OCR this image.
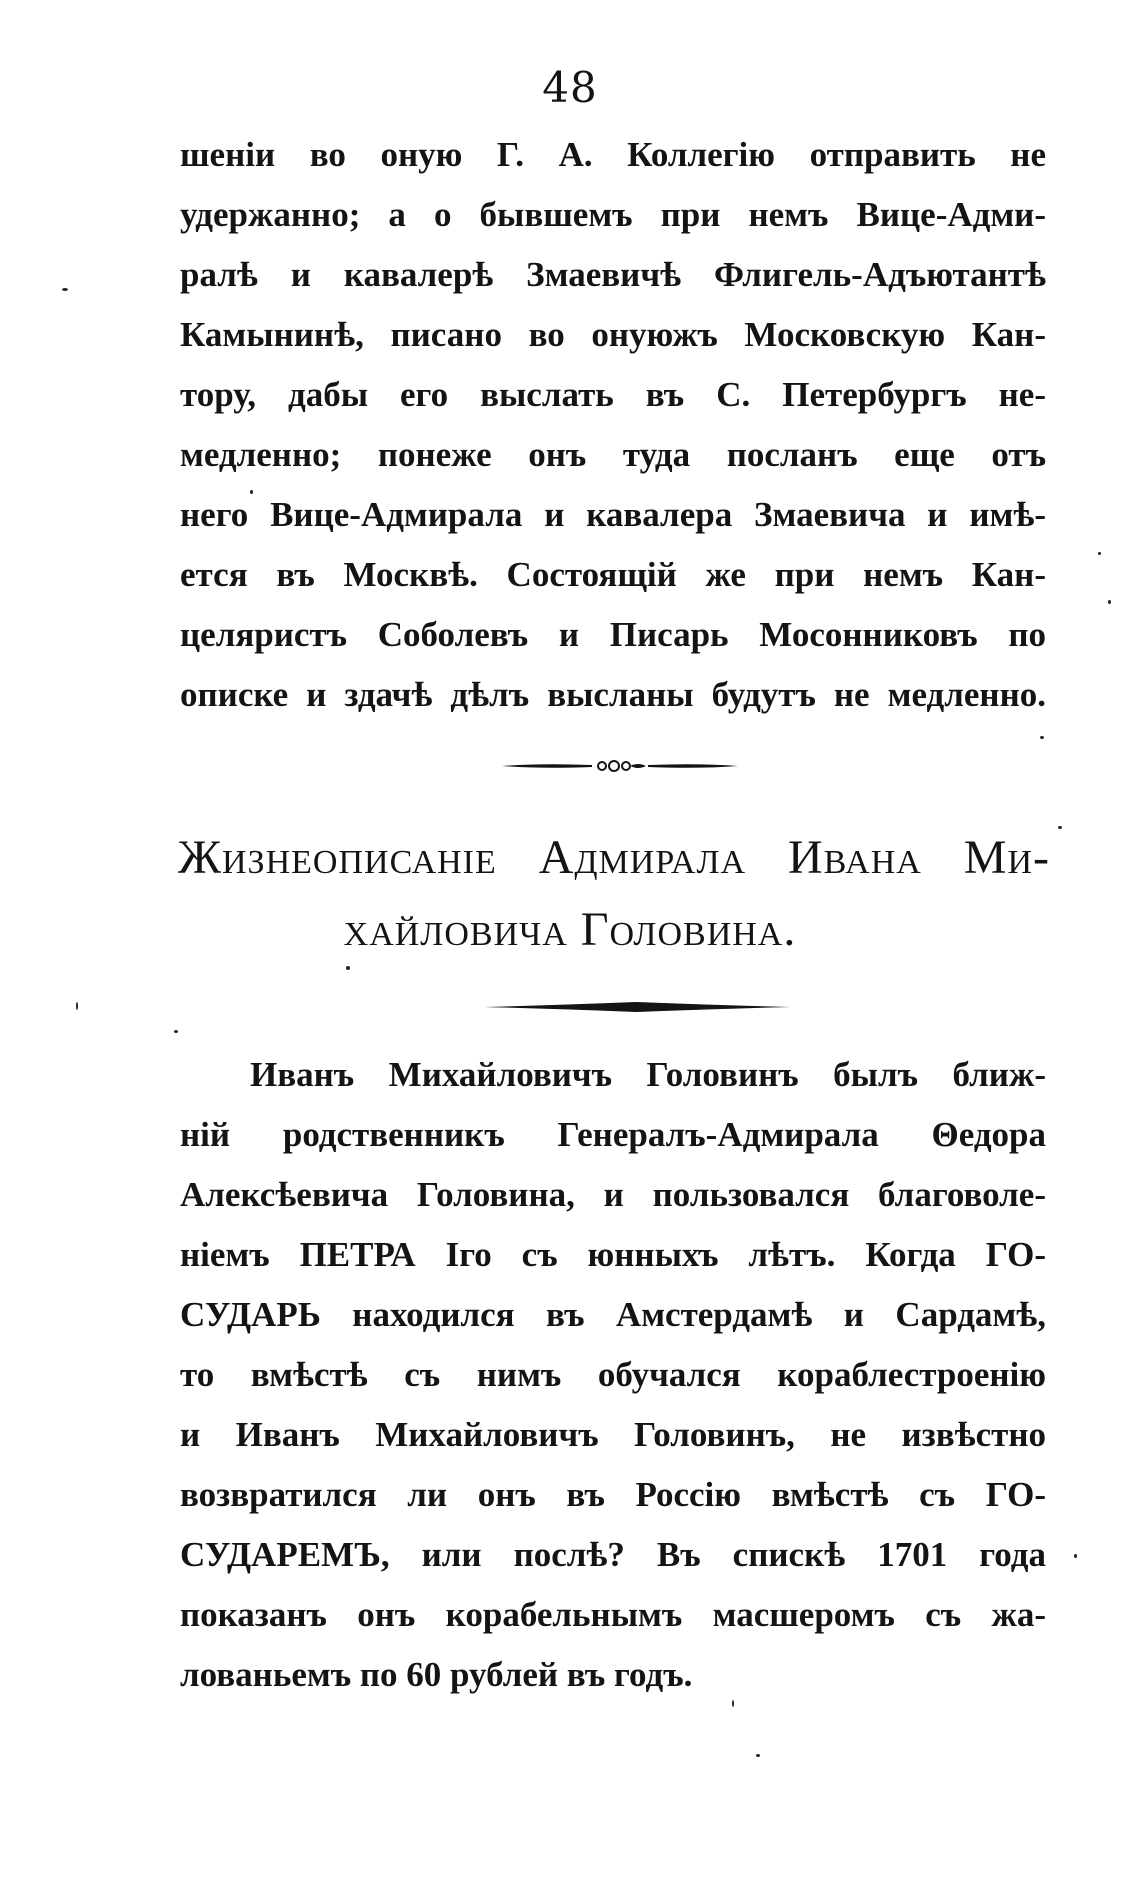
48
шеніи во оную Г. А. Коллегію отправить не
удержанно; а о бывшемъ при немъ Вице-Адми-
ралѣ и кавалерѣ Змаевичѣ Флигель-Адъютантѣ
Камынинѣ, писано во онуюжъ Московскую Кан-
тору, дабы его выслать въ С. Петербургъ не-
медленно; понеже онъ туда посланъ еще отъ
него Вице-Адмирала и кавалера Змаевича и имѣ-
ется въ Москвѣ. Состоящій же при немъ Кан-
целяристъ Соболевъ и Писарь Мосонниковъ по
описке и здачѣ дѣлъ высланы будутъ не медленно.
Жизнеописаніе Адмирала Ивана Ми-
хайловича Головина.
Иванъ Михайловичъ Головинъ былъ ближ-
ній родственникъ Генералъ-Адмирала Θедора
Алексѣевича Головина, и пользовался благоволе-
ніемъ ПЕТРА Iго съ юнныхъ лѣтъ. Когда ГО-
СУДАРЬ находился въ Амстердамѣ и Сардамѣ,
то вмѣстѣ съ нимъ обучался кораблестроенію
и Иванъ Михайловичъ Головинъ, не извѣстно
возвратился ли онъ въ Россію вмѣстѣ съ ГО-
СУДАРЕМЪ, или послѣ? Въ спискѣ 1701 года
показанъ онъ корабельнымъ масшеромъ съ жа-
лованьемъ по 60 рублей въ годъ.
